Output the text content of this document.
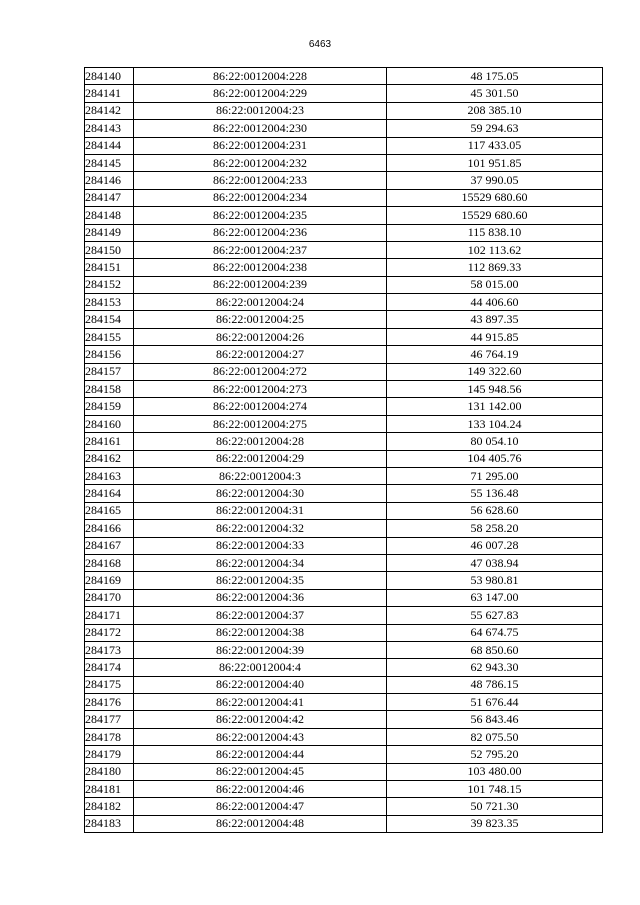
6463
284140	86:22:0012004:228	48 175.05
284141	86:22:0012004:229	45 301.50
284142	86:22:0012004:23	208 385.10
284143	86:22:0012004:230	59 294.63
284144	86:22:0012004:231	117 433.05
284145	86:22:0012004:232	101 951.85
284146	86:22:0012004:233	37 990.05
284147	86:22:0012004:234	15529 680.60
284148	86:22:0012004:235	15529 680.60
284149	86:22:0012004:236	115 838.10
284150	86:22:0012004:237	102 113.62
284151	86:22:0012004:238	112 869.33
284152	86:22:0012004:239	58 015.00
284153	86:22:0012004:24	44 406.60
284154	86:22:0012004:25	43 897.35
284155	86:22:0012004:26	44 915.85
284156	86:22:0012004:27	46 764.19
284157	86:22:0012004:272	149 322.60
284158	86:22:0012004:273	145 948.56
284159	86:22:0012004:274	131 142.00
284160	86:22:0012004:275	133 104.24
284161	86:22:0012004:28	80 054.10
284162	86:22:0012004:29	104 405.76
284163	86:22:0012004:3	71 295.00
284164	86:22:0012004:30	55 136.48
284165	86:22:0012004:31	56 628.60
284166	86:22:0012004:32	58 258.20
284167	86:22:0012004:33	46 007.28
284168	86:22:0012004:34	47 038.94
284169	86:22:0012004:35	53 980.81
284170	86:22:0012004:36	63 147.00
284171	86:22:0012004:37	55 627.83
284172	86:22:0012004:38	64 674.75
284173	86:22:0012004:39	68 850.60
284174	86:22:0012004:4	62 943.30
284175	86:22:0012004:40	48 786.15
284176	86:22:0012004:41	51 676.44
284177	86:22:0012004:42	56 843.46
284178	86:22:0012004:43	82 075.50
284179	86:22:0012004:44	52 795.20
284180	86:22:0012004:45	103 480.00
284181	86:22:0012004:46	101 748.15
284182	86:22:0012004:47	50 721.30
284183	86:22:0012004:48	39 823.35
